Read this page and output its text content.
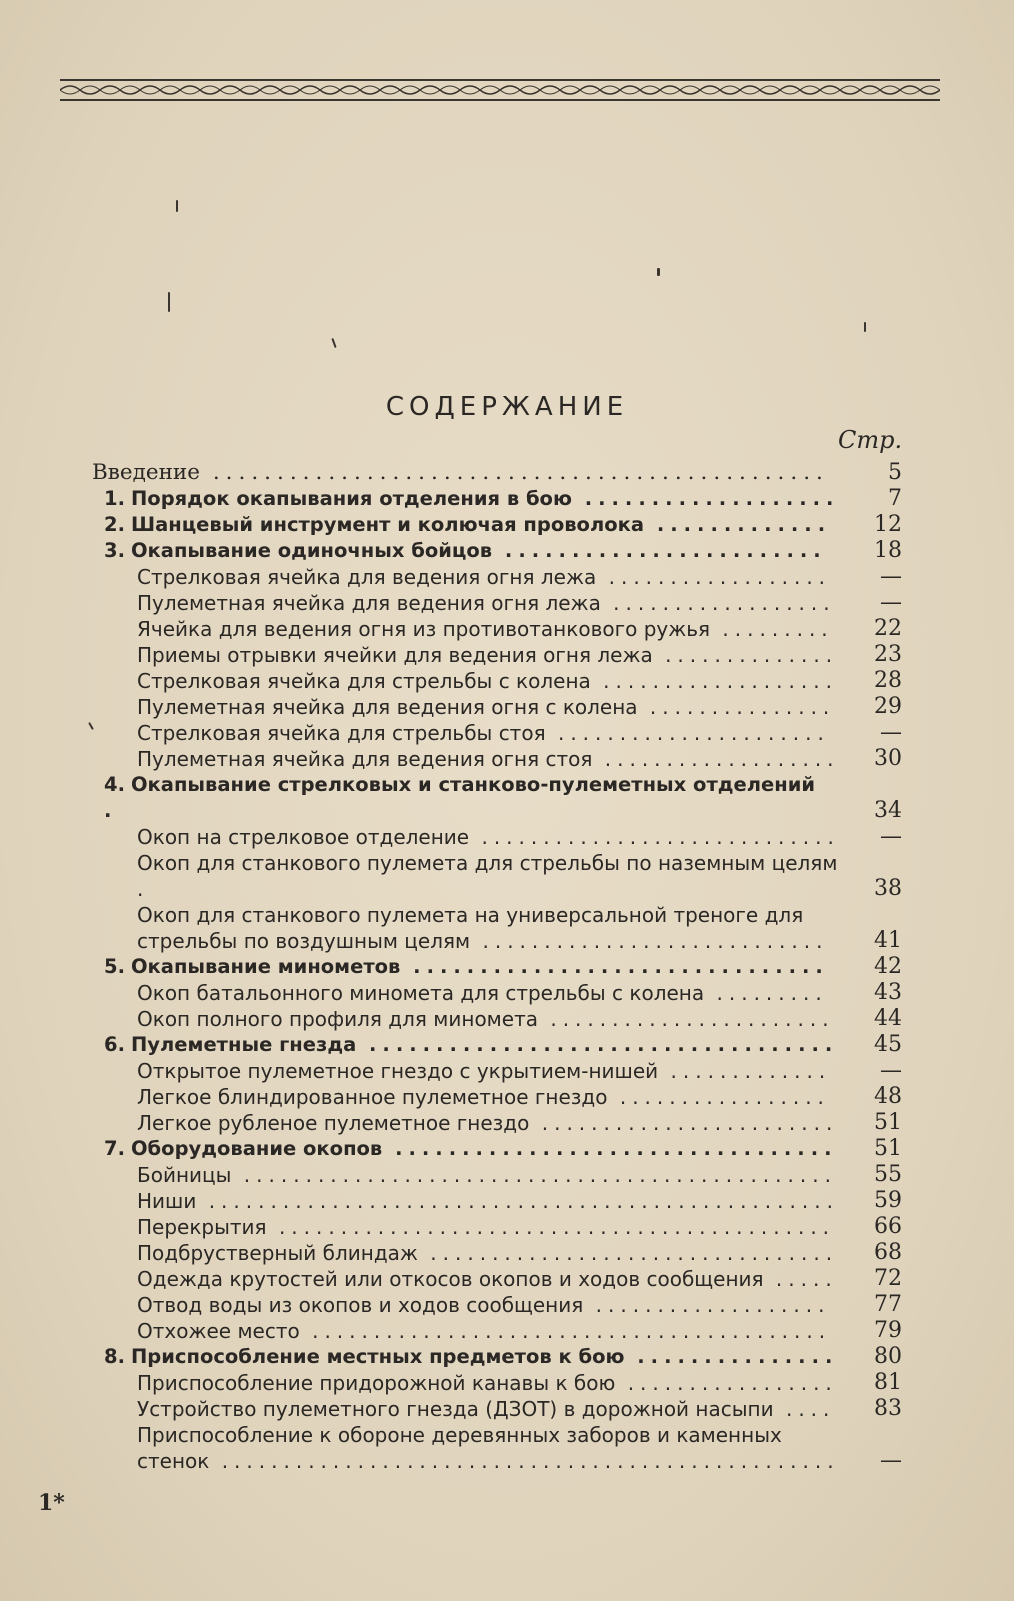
СОДЕРЖАНИЕ
Стр.
Введение ................................................	5
1. Порядок окапывания отделения в бою ...................	7
2. Шанцевый инструмент и колючая проволока .............	12
3. Окапывание одиночных бойцов ........................	18
Стрелковая ячейка для ведения огня лежа ..................	—
Пулеметная ячейка для ведения огня лежа ..................	—
Ячейка для ведения огня из противотанкового ружья .........	22
Приемы отрывки ячейки для ведения огня лежа ..............	23
Стрелковая ячейка для стрельбы с колена ...................	28
Пулеметная ячейка для ведения огня с колена ...............	29
Стрелковая ячейка для стрельбы стоя ......................	—
Пулеметная ячейка для ведения огня стоя ...................	30
4. Окапывание стрелковых и станково-пулеметных отделений .	34
Окоп на стрелковое отделение .............................	—
Окоп для станкового пулемета для стрельбы по наземным целям .	38
Окоп для станкового пулемета на универсальной треноге для стрельбы по воздушным целям ............................	41
5. Окапывание минометов ...............................	42
Окоп батальонного миномета для стрельбы с колена .........	43
Окоп полного профиля для миномета .......................	44
6. Пулеметные гнезда ...................................	45
Открытое пулеметное гнездо с укрытием-нишей .............	—
Легкое блиндированное пулеметное гнездо .................	48
Легкое рубленое пулеметное гнездо ........................	51
7. Оборудование окопов .................................	51
Бойницы ................................................	55
Ниши ...................................................	59
Перекрытия .............................................	66
Подбрустверный блиндаж .................................	68
Одежда крутостей или откосов окопов и ходов сообщения .....	72
Отвод воды из окопов и ходов сообщения ...................	77
Отхожее место ..........................................	79
8. Приспособление местных предметов к бою ...............	80
Приспособление придорожной канавы к бою .................	81
Устройство пулеметного гнезда (ДЗОТ) в дорожной насыпи ....	83
Приспособление к обороне деревянных заборов и каменных стенок ..................................................	—
1*
